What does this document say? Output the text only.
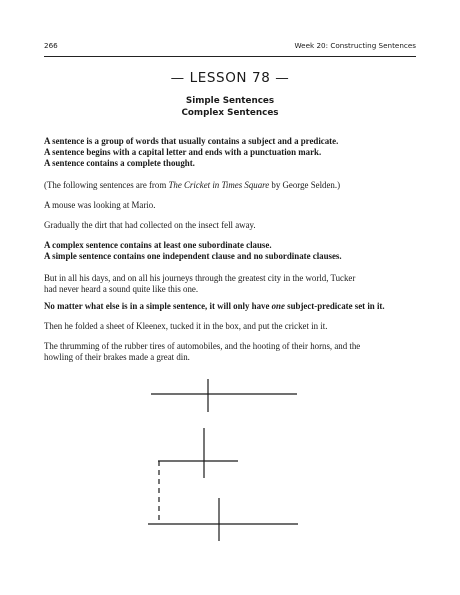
266	Week 20: Constructing Sentences
— LESSON 78 —
Simple Sentences
Complex Sentences
A sentence is a group of words that usually contains a subject and a predicate.
A sentence begins with a capital letter and ends with a punctuation mark.
A sentence contains a complete thought.
(The following sentences are from The Cricket in Times Square by George Selden.)
A mouse was looking at Mario.
Gradually the dirt that had collected on the insect fell away.
A complex sentence contains at least one subordinate clause.
A simple sentence contains one independent clause and no subordinate clauses.
But in all his days, and on all his journeys through the greatest city in the world, Tucker
had never heard a sound quite like this one.
No matter what else is in a simple sentence, it will only have one subject-predicate set in it.
Then he folded a sheet of Kleenex, tucked it in the box, and put the cricket in it.
The thrumming of the rubber tires of automobiles, and the hooting of their horns, and the
howling of their brakes made a great din.
